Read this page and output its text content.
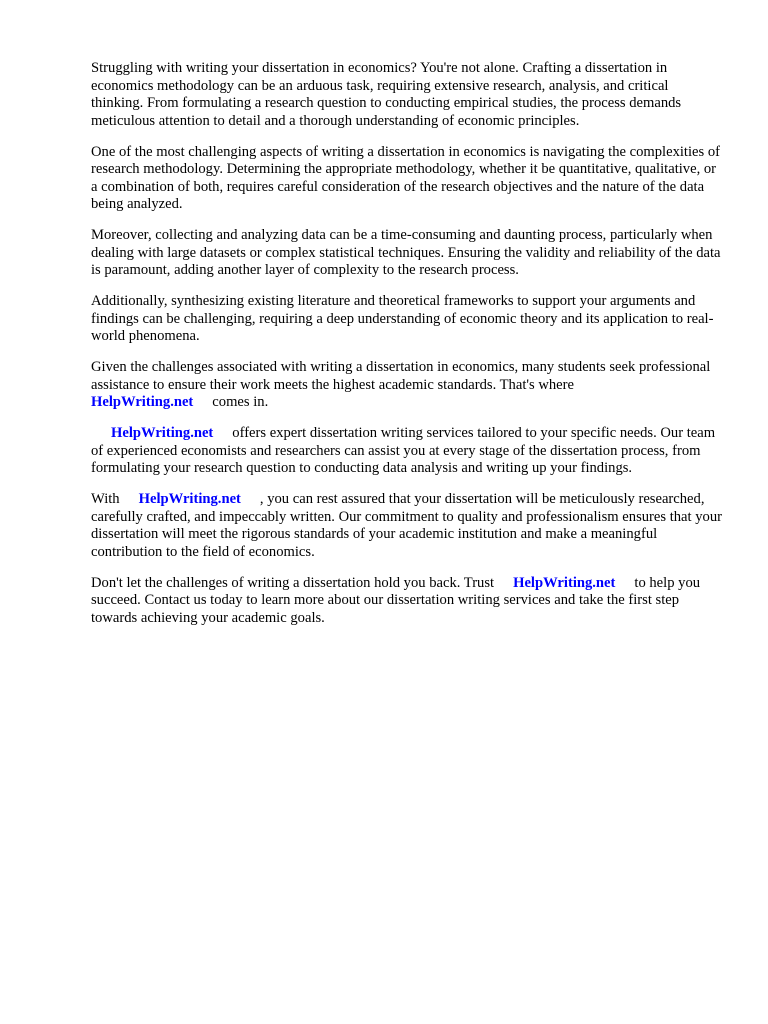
Struggling with writing your dissertation in economics? You're not alone. Crafting a dissertation in economics methodology can be an arduous task, requiring extensive research, analysis, and critical thinking. From formulating a research question to conducting empirical studies, the process demands meticulous attention to detail and a thorough understanding of economic principles.

One of the most challenging aspects of writing a dissertation in economics is navigating the complexities of research methodology. Determining the appropriate methodology, whether it be quantitative, qualitative, or a combination of both, requires careful consideration of the research objectives and the nature of the data being analyzed.

Moreover, collecting and analyzing data can be a time-consuming and daunting process, particularly when dealing with large datasets or complex statistical techniques. Ensuring the validity and reliability of the data is paramount, adding another layer of complexity to the research process.

Additionally, synthesizing existing literature and theoretical frameworks to support your arguments and findings can be challenging, requiring a deep understanding of economic theory and its application to real-world phenomena.

Given the challenges associated with writing a dissertation in economics, many students seek professional assistance to ensure their work meets the highest academic standards. That's where HelpWriting.net comes in.

HelpWriting.net offers expert dissertation writing services tailored to your specific needs. Our team of experienced economists and researchers can assist you at every stage of the dissertation process, from formulating your research question to conducting data analysis and writing up your findings.

With HelpWriting.net , you can rest assured that your dissertation will be meticulously researched, carefully crafted, and impeccably written. Our commitment to quality and professionalism ensures that your dissertation will meet the rigorous standards of your academic institution and make a meaningful contribution to the field of economics.

Don't let the challenges of writing a dissertation hold you back. Trust HelpWriting.net to help you succeed. Contact us today to learn more about our dissertation writing services and take the first step towards achieving your academic goals.
